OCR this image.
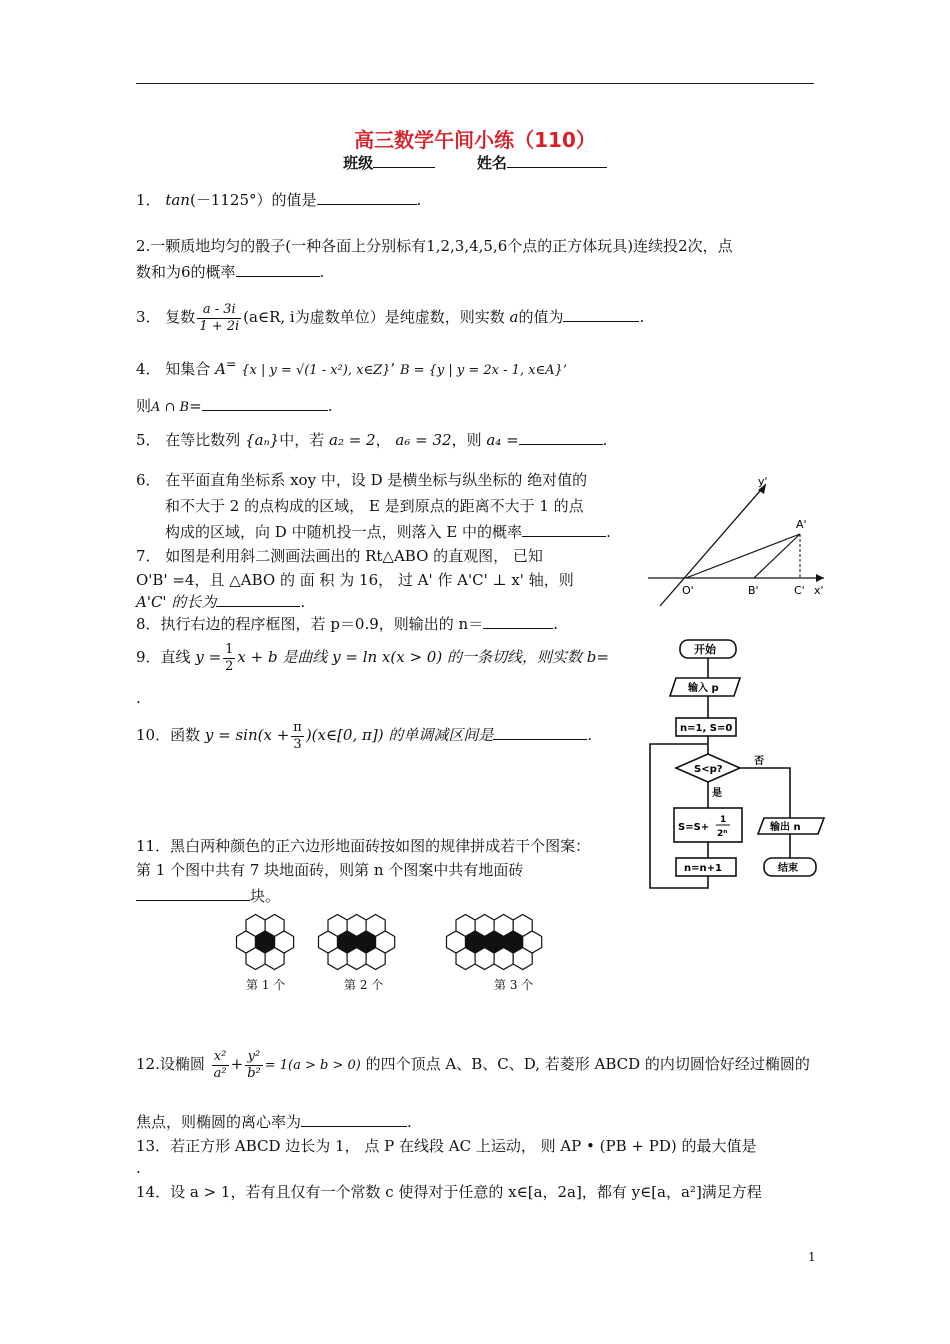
高三数学午间小练（110）
班级	姓名
1． tan(－1125°）的值是	.
2.一颗质地均匀的骰子(一种各面上分别标有1,2,3,4,5,6个点的正方体玩具)连续投2次，点
数和为6的概率	.
3． 复数 $\frac{a - 3i}{1 + 2i}$ (a∈R, i为虚数单位）是纯虚数，则实数 a的值为	.
4． 知集合 A= {x | y = √(1 - x²), x∈Z}’ B = {y | y = 2x - 1, x∈A}’
则A ∩ B=	.
5． 在等比数列 {aₙ}中，若 a₂ = 2， a₆ = 32，则 a₄ =	.
6． 在平面直角坐标系 xoy 中，设 D 是横坐标与纵坐标的 绝对值的
和不大于 2 的点构成的区域， E 是到原点的距离不大于 1 的点
构成的区域，向 D 中随机投一点，则落入 E 中的概率	.
7． 如图是利用斜二测画法画出的 Rt△ABO 的直观图， 已知
O'B' =4，且 △ABO 的 面 积 为 16， 过 A' 作 A'C' ⊥ x' 轴，则
A'C' 的长为	.
8．执行右边的程序框图，若 p＝0.9，则输出的 n＝	.
9．直线 $y = \frac{1}{2}$ x + b 是曲线 y = ln x(x > 0) 的一条切线，则实数 b=
.
10．函数 $y = \sin(x + \frac{\pi}{3}$ )(x∈[0, π]) 的单调减区间是	.
11．黑白两种颜色的正六边形地面砖按如图的规律拼成若干个图案：
第 1 个图中共有 7 块地面砖，则第 n 个图案中共有地面砖
块。
第 1 个	第 2 个	第 3 个
12.设椭圆 $\frac{\text{x²}}{\text{a²}} + \frac{\text{y²}}{\text{b²}} = 1(a > b > 0)$ 的四个顶点 A、B、C、D, 若菱形 ABCD 的内切圆恰好经过椭圆的
焦点，则椭圆的离心率为	.
13．若正方形 ABCD 边长为 1， 点 P 在线段 AC 上运动， 则 AP • (PB + PD) 的最大值是
.
14．设 a > 1，若有且仅有一个常数 c 使得对于任意的 x∈[a，2a]，都有 y∈[a，a²]满足方程
1
y'
x'
O'
A'
B'	C'
开始
输入 p
n=1, S=0
S<p?
是
否
S=S+
1
2ⁿ
n=n+1
输出 n
结束
